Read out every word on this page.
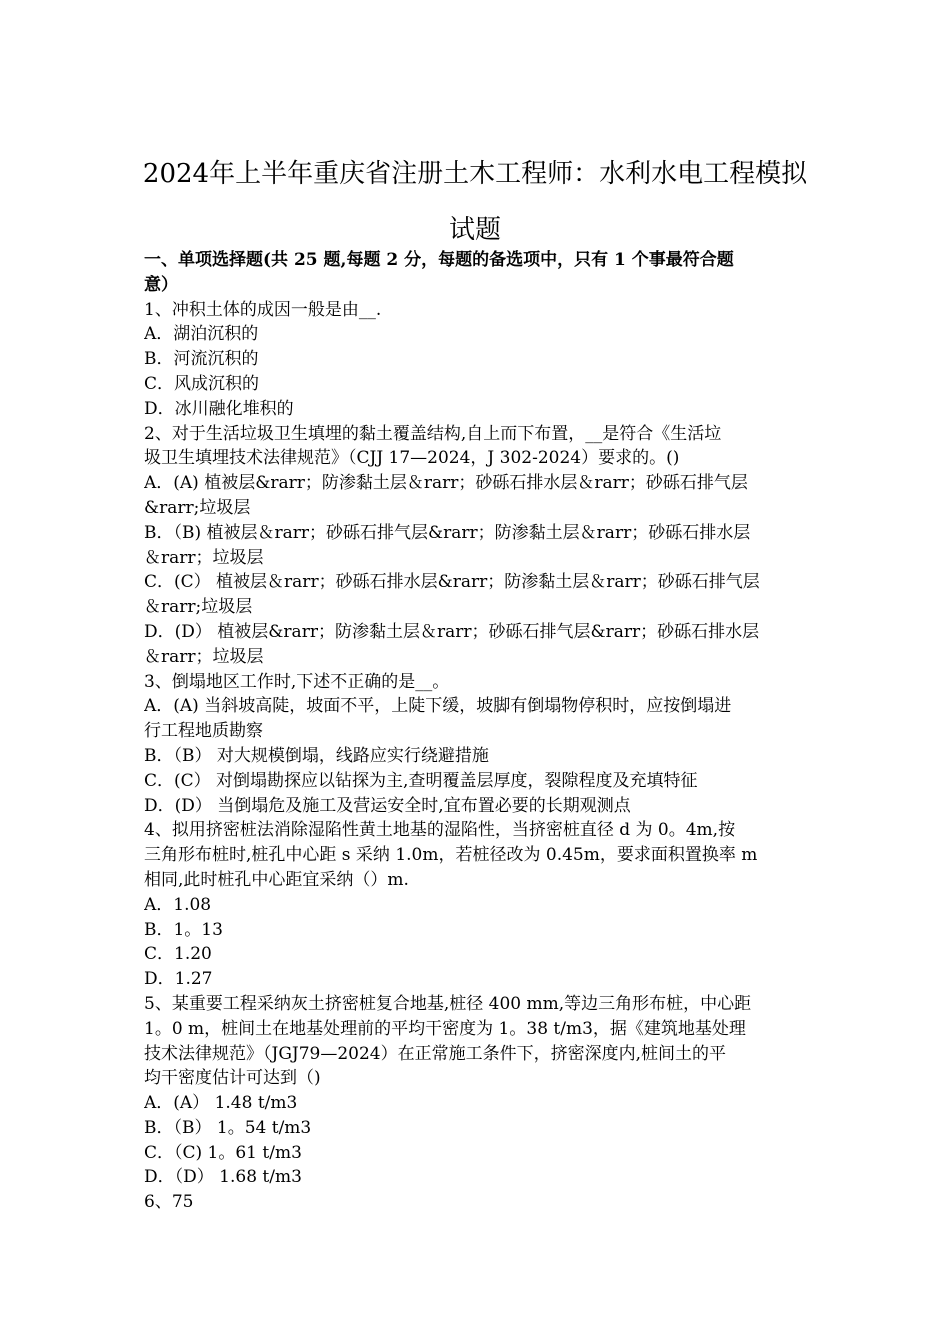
2024年上半年重庆省注册土木工程师：水利水电工程模拟
试题
一、单项选择题(共 25 题,每题 2 分，每题的备选项中，只有 1 个事最符合题
意）
1、冲积土体的成因一般是由__.
A．湖泊沉积的
B．河流沉积的
C．风成沉积的
D．冰川融化堆积的
2、对于生活垃圾卫生填埋的黏土覆盖结构,自上而下布置，__是符合《生活垃
圾卫生填埋技术法律规范》（CJJ 17—2024，J 302-2024）要求的。()
A．(A) 植被层&rarr；防渗黏土层＆rarr；砂砾石排水层＆rarr；砂砾石排气层
&rarr;垃圾层
B．（B) 植被层＆rarr；砂砾石排气层&rarr；防渗黏土层＆rarr；砂砾石排水层
＆rarr；垃圾层
C．(C） 植被层＆rarr；砂砾石排水层&rarr；防渗黏土层＆rarr；砂砾石排气层
＆rarr;垃圾层
D．(D） 植被层&rarr；防渗黏土层＆rarr；砂砾石排气层&rarr；砂砾石排水层
＆rarr；垃圾层
3、倒塌地区工作时,下述不正确的是__。
A．(A) 当斜坡高陡，坡面不平，上陡下缓，坡脚有倒塌物停积时，应按倒塌进
行工程地质勘察
B．（B） 对大规模倒塌，线路应实行绕避措施
C．(C） 对倒塌勘探应以钻探为主,查明覆盖层厚度，裂隙程度及充填特征
D．(D） 当倒塌危及施工及营运安全时,宜布置必要的长期观测点
4、拟用挤密桩法消除湿陷性黄土地基的湿陷性，当挤密桩直径 d 为 0。4m,按
三角形布桩时,桩孔中心距 s 采纳 1.0m，若桩径改为 0.45m，要求面积置换率 m
相同,此时桩孔中心距宜采纳（）m.
A．1.08
B．1。13
C．1.20
D．1.27
5、某重要工程采纳灰土挤密桩复合地基,桩径 400 mm,等边三角形布桩，中心距
1。0 m，桩间土在地基处理前的平均干密度为 1。38 t/m3，据《建筑地基处理
技术法律规范》（JGJ79—2024）在正常施工条件下，挤密深度内,桩间土的平
均干密度估计可达到（)
A．(A） 1.48 t/m3
B．（B） 1。54 t/m3
C．（C) 1。61 t/m3
D．（D） 1.68 t/m3
6、75
